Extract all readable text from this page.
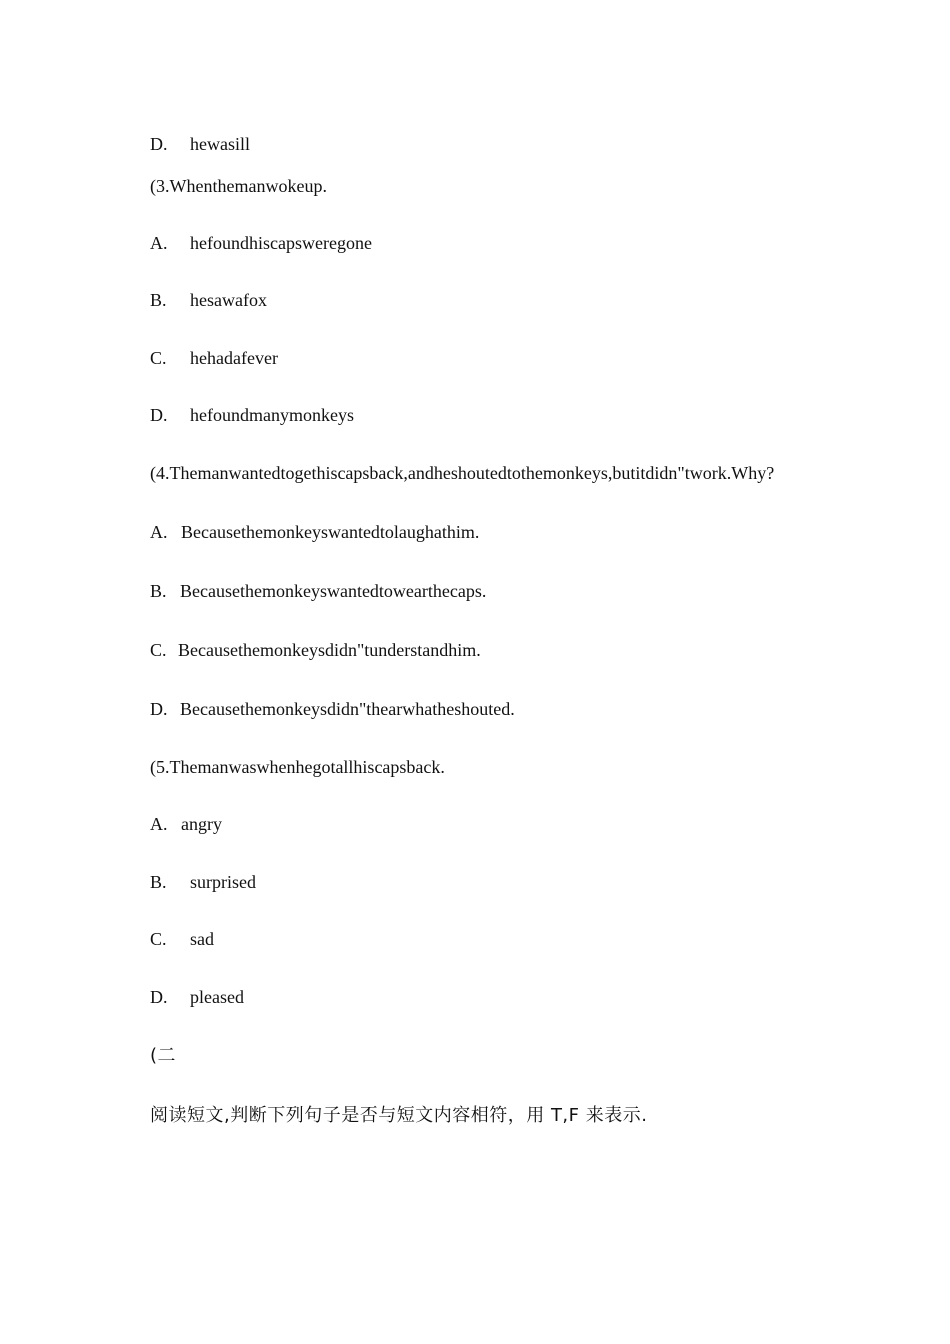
D. hewasill
(3.Whenthemanwokeup.
A. hefoundhiscapsweregone
B. hesawafox
C. hehadafever
D. hefoundmanymonkeys
(4.Themanwantedtogethiscapsback,andheshoutedtothemonkeys,butitdidn"twork.Why?
A. Becausethemonkeyswantedtolaughathim.
B. Becausethemonkeyswantedtowearthecaps.
C. Becausethemonkeysdidn"tunderstandhim.
D. Becausethemonkeysdidn"thearwhatheshouted.
(5.Themanwaswhenhegotallhiscapsback.
A. angry
B. surprised
C. sad
D. pleased
(二
阅读短文,判断下列句子是否与短文内容相符，用 T,F 来表示.
